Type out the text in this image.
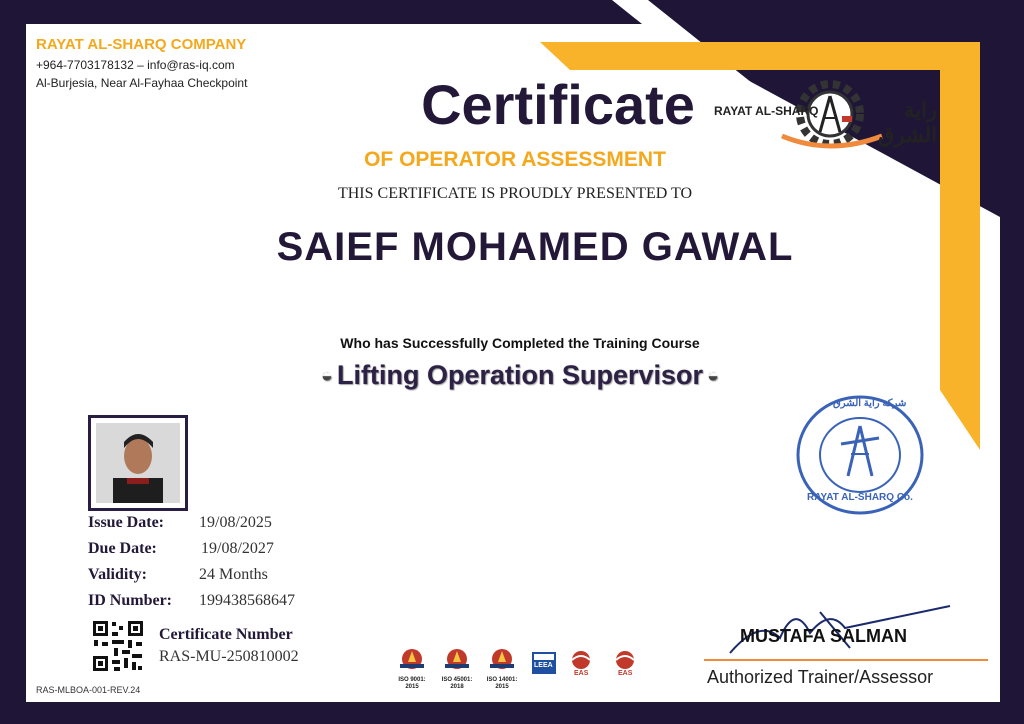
RAYAT AL-SHARQ COMPANY
+964-7703178132 – info@ras-iq.com
Al-Burjesia, Near Al-Fayhaa Checkpoint
RAYAT AL-SHARQ	راية الشرق
Certificate
OF OPERATOR ASSESSMENT
THIS CERTIFICATE IS PROUDLY PRESENTED TO
SAIEF MOHAMED GAWAL
Who has Successfully Completed the Training Course
◒ Lifting Operation Supervisor ◒
Issue Date: 19/08/2025
Due Date:	19/08/2027
Validity:	24 Months
ID Number: 199438568647
Certificate Number
RAS-MU-250810002
RAS-MLBOA-001-REV.24
ISO 9001:
2015
ISO 45001:
2018
ISO 14001:
2015
LEEA
EAS	EAS
شركة راية الشرق
RAYAT AL-SHARQ Co.
MUSTAFA SALMAN
Authorized Trainer/Assessor
